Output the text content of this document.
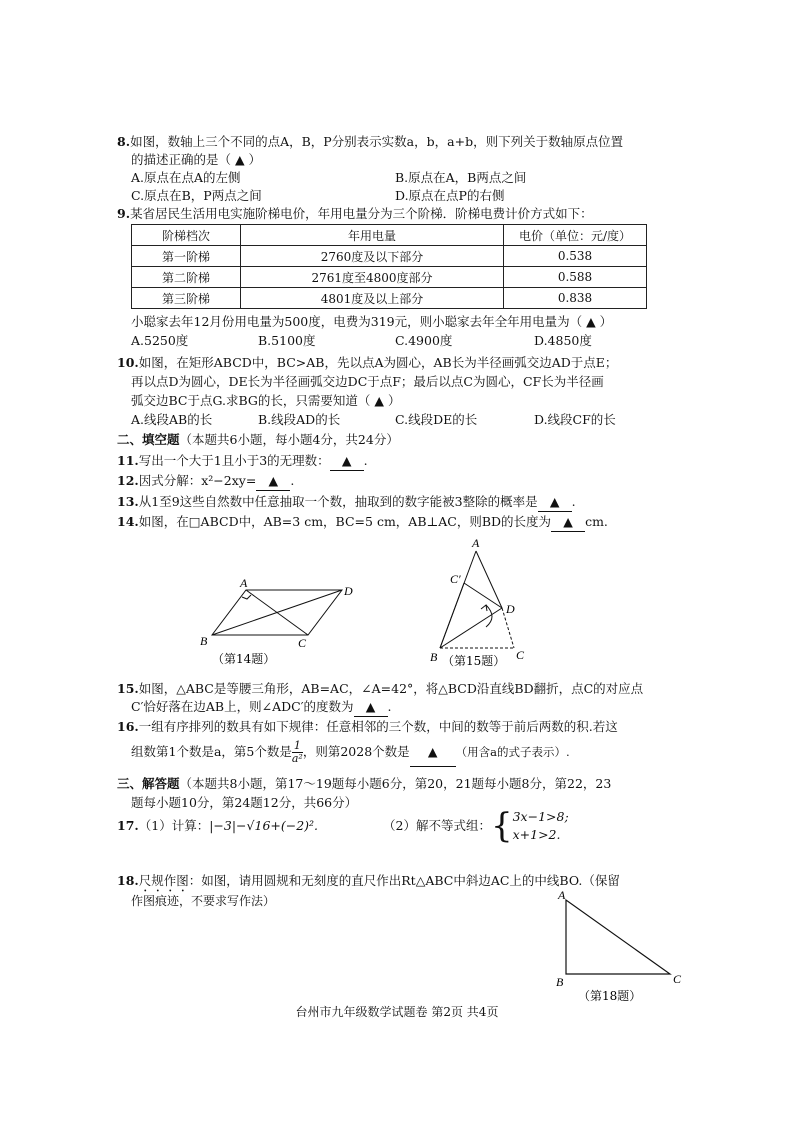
8.如图，数轴上三个不同的点A，B，P分别表示实数a，b，a+b，则下列关于数轴原点位置
的描述正确的是（ ▲ ）
A.原点在点A的左侧	B.原点在A，B两点之间
C.原点在B，P两点之间	D.原点在点P的右侧
9.某省居民生活用电实施阶梯电价，年用电量分为三个阶梯．阶梯电费计价方式如下：
阶梯档次	年用电量	电价（单位：元/度）
第一阶梯	2760度及以下部分	0.538
第二阶梯	2761度至4800度部分	0.588
第三阶梯	4801度及以上部分	0.838
小聪家去年12月份用电量为500度，电费为319元，则小聪家去年全年用电量为（ ▲ ）
A.5250度	B.5100度	C.4900度	D.4850度
10.如图，在矩形ABCD中，BC>AB，先以点A为圆心，AB长为半径画弧交边AD于点E；
再以点D为圆心，DE长为半径画弧交边DC于点F；最后以点C为圆心，CF长为半径画
弧交边BC于点G.求BG的长，只需要知道（ ▲ ）
A.线段AB的长	B.线段AD的长	C.线段DE的长	D.线段CF的长
二、填空题（本题共6小题，每小题4分，共24分）
11.写出一个大于1且小于3的无理数： ▲ .
12.因式分解：x²−2xy= ▲ .
13.从1至9这些自然数中任意抽取一个数，抽取到的数字能被3整除的概率是 ▲ .
14.如图，在□ABCD中，AB=3 cm，BC=5 cm，AB⊥AC，则BD的长度为 ▲ cm.
A
D
B	C
（第14题）
A
C′
D
B	C
（第15题）
15.如图，△ABC是等腰三角形，AB=AC，∠A=42°，将△BCD沿直线BD翻折，点C的对应点
C′恰好落在边AB上，则∠ADC′的度数为 ▲ .
16.一组有序排列的数具有如下规律：任意相邻的三个数，中间的数等于前后两数的积.若这
组数第1个数是a，第5个数是 $\frac{1}{\text{a²}}$ ，则第2028个数是 ▲ （用含a的式子表示）.
三、解答题（本题共8小题，第17～19题每小题6分，第20，21题每小题8分，第22，23
题每小题10分，第24题12分，共66分）
17.（1）计算：|−3|−√16+(−2)².	（2）解不等式组：{ 3x−1>8;
x+1>2.
18.尺规作图：如图，请用圆规和无刻度的直尺作出Rt△ABC中斜边AC上的中线BO.（保留
作图痕迹，不要求写作法）	A
B	C
（第18题）
台州市九年级数学试题卷 第2页 共4页
